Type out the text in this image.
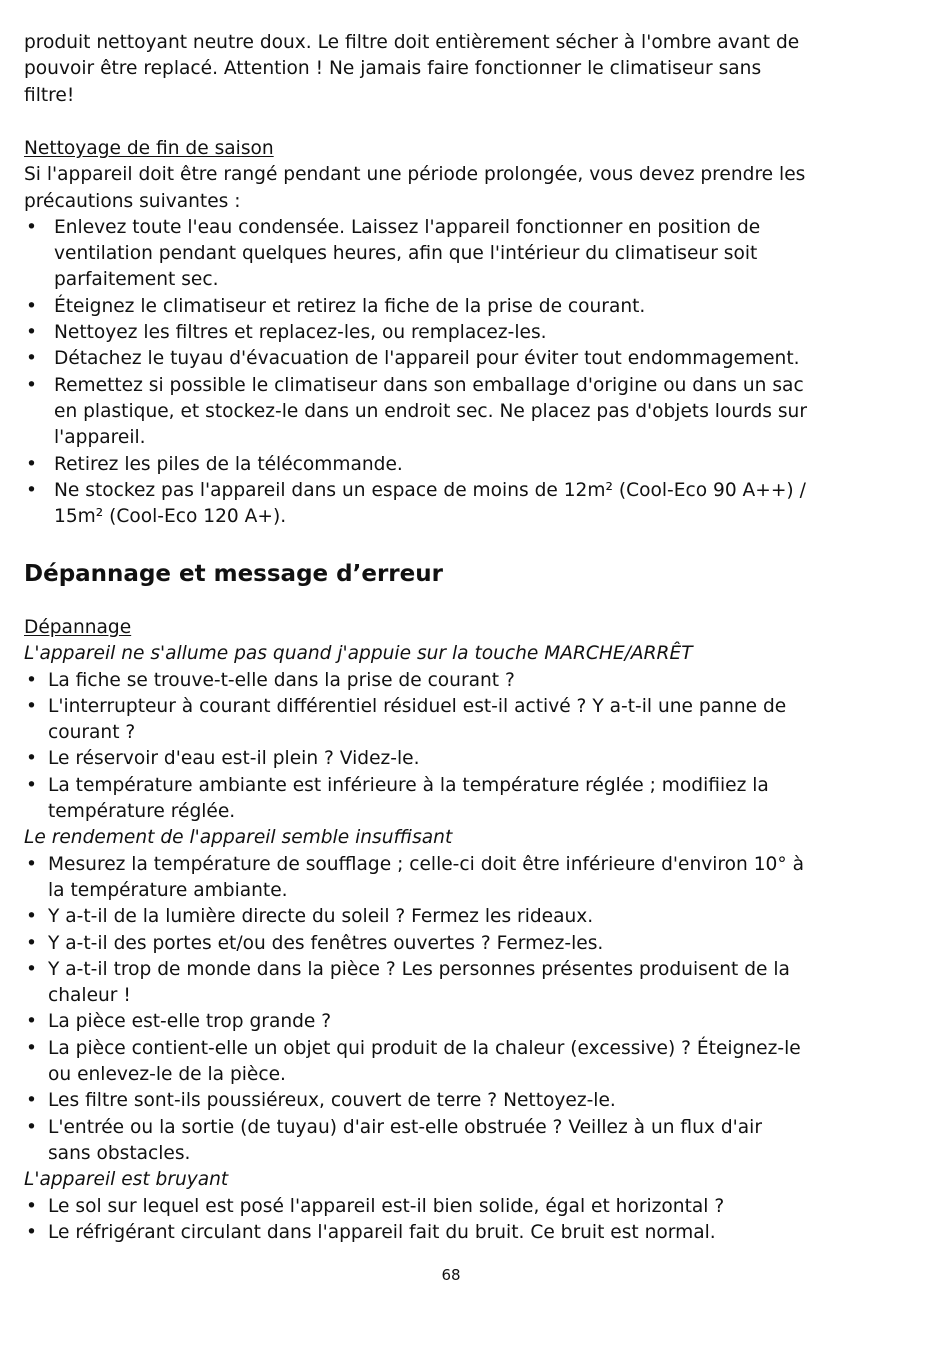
produit nettoyant neutre doux. Le filtre doit entièrement sécher à l'ombre avant de
pouvoir être replacé. Attention ! Ne jamais faire fonctionner le climatiseur sans
filtre!
Nettoyage de fin de saison
Si l'appareil doit être rangé pendant une période prolongée, vous devez prendre les
précautions suivantes :
• Enlevez toute l'eau condensée. Laissez l'appareil fonctionner en position de
ventilation pendant quelques heures, afin que l'intérieur du climatiseur soit
parfaitement sec.
• Éteignez le climatiseur et retirez la fiche de la prise de courant.
• Nettoyez les filtres et replacez-les, ou remplacez-les.
• Détachez le tuyau d'évacuation de l'appareil pour éviter tout endommagement.
• Remettez si possible le climatiseur dans son emballage d'origine ou dans un sac
en plastique, et stockez-le dans un endroit sec. Ne placez pas d'objets lourds sur
l'appareil.
• Retirez les piles de la télécommande.
• Ne stockez pas l'appareil dans un espace de moins de 12m² (Cool-Eco 90 A++) /
15m² (Cool-Eco 120 A+).
Dépannage et message d’erreur
Dépannage
L'appareil ne s'allume pas quand j'appuie sur la touche MARCHE/ARRÊT
• La fiche se trouve-t-elle dans la prise de courant ?
• L'interrupteur à courant différentiel résiduel est-il activé ? Y a-t-il une panne de
courant ?
• Le réservoir d'eau est-il plein ? Videz-le.
• La température ambiante est inférieure à la température réglée ; modifiiez la
température réglée.
Le rendement de l'appareil semble insuffisant
• Mesurez la température de soufflage ; celle-ci doit être inférieure d'environ 10° à
la température ambiante.
• Y a-t-il de la lumière directe du soleil ? Fermez les rideaux.
• Y a-t-il des portes et/ou des fenêtres ouvertes ? Fermez-les.
• Y a-t-il trop de monde dans la pièce ? Les personnes présentes produisent de la
chaleur !
• La pièce est-elle trop grande ?
• La pièce contient-elle un objet qui produit de la chaleur (excessive) ? Éteignez-le
ou enlevez-le de la pièce.
• Les filtre sont-ils poussiéreux, couvert de terre ? Nettoyez-le.
• L'entrée ou la sortie (de tuyau) d'air est-elle obstruée ? Veillez à un flux d'air
sans obstacles.
L'appareil est bruyant
• Le sol sur lequel est posé l'appareil est-il bien solide, égal et horizontal ?
• Le réfrigérant circulant dans l'appareil fait du bruit. Ce bruit est normal.
68
